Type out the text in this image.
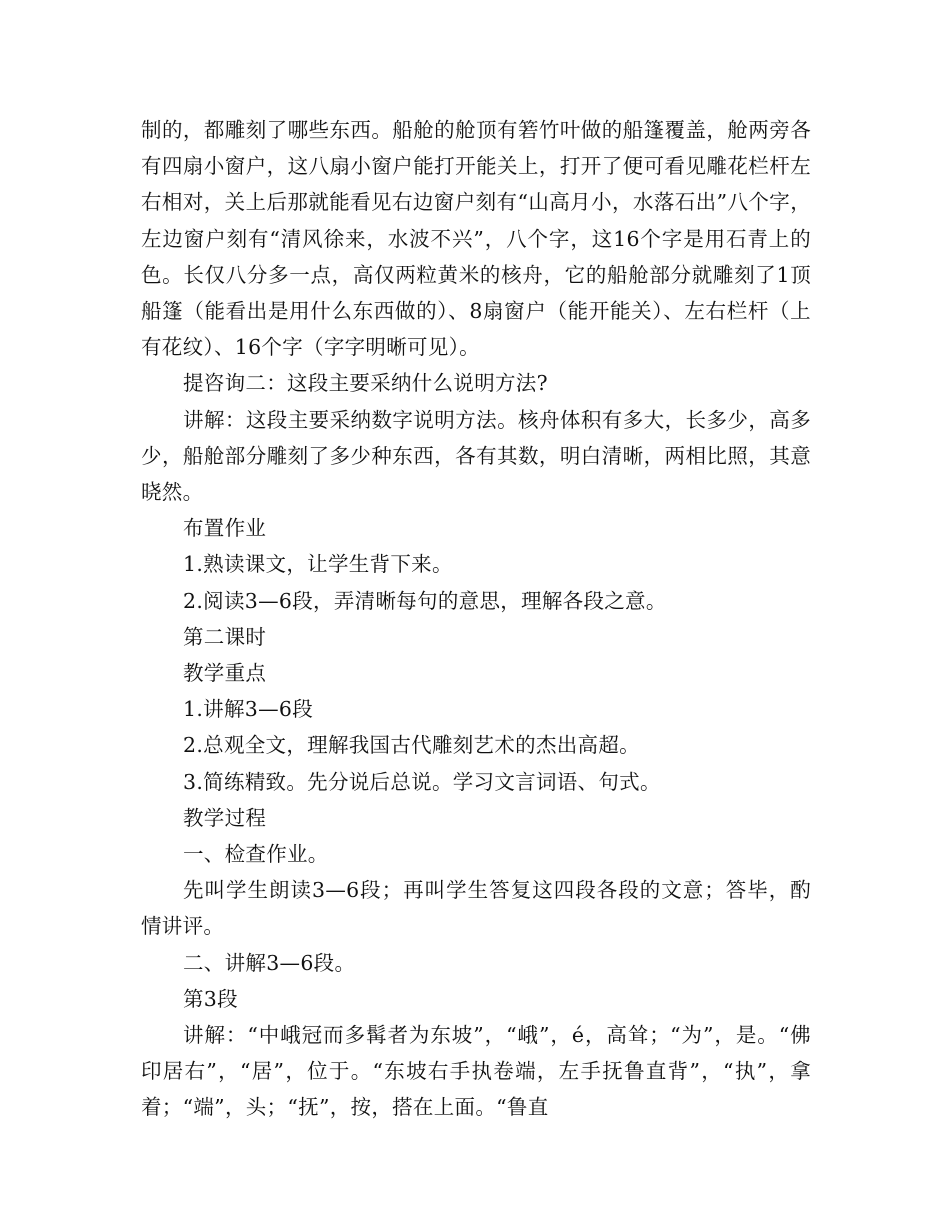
制的，都雕刻了哪些东西。船舱的舱顶有箬竹叶做的船篷覆盖，舱两旁各有四扇小窗户，这八扇小窗户能打开能关上，打开了便可看见雕花栏杆左右相对，关上后那就能看见右边窗户刻有“山高月小，水落石出”八个字，左边窗户刻有“清风徐来，水波不兴”，八个字，这16个字是用石青上的色。长仅八分多一点，高仅两粒黄米的核舟，它的船舱部分就雕刻了1顶船篷（能看出是用什么东西做的）、8扇窗户（能开能关）、左右栏杆（上有花纹）、16个字（字字明晰可见）。

提咨询二：这段主要采纳什么说明方法?

讲解：这段主要采纳数字说明方法。核舟体积有多大，长多少，高多少，船舱部分雕刻了多少种东西，各有其数，明白清晰，两相比照，其意晓然。

布置作业

1.熟读课文，让学生背下来。

2.阅读3—6段，弄清晰每句的意思，理解各段之意。

第二课时

教学重点

1.讲解3—6段

2.总观全文，理解我国古代雕刻艺术的杰出高超。

3.简练精致。先分说后总说。学习文言词语、句式。

教学过程

一、检查作业。

先叫学生朗读3—6段；再叫学生答复这四段各段的文意；答毕，酌情讲评。

二、讲解3—6段。

第3段

讲解：“中峨冠而多髯者为东坡”，“峨”，é，高耸；“为”，是。“佛印居右”，“居”，位于。“东坡右手执卷端，左手抚鲁直背”，“执”，拿着；“端”，头；“抚”，按，搭在上面。“鲁直
